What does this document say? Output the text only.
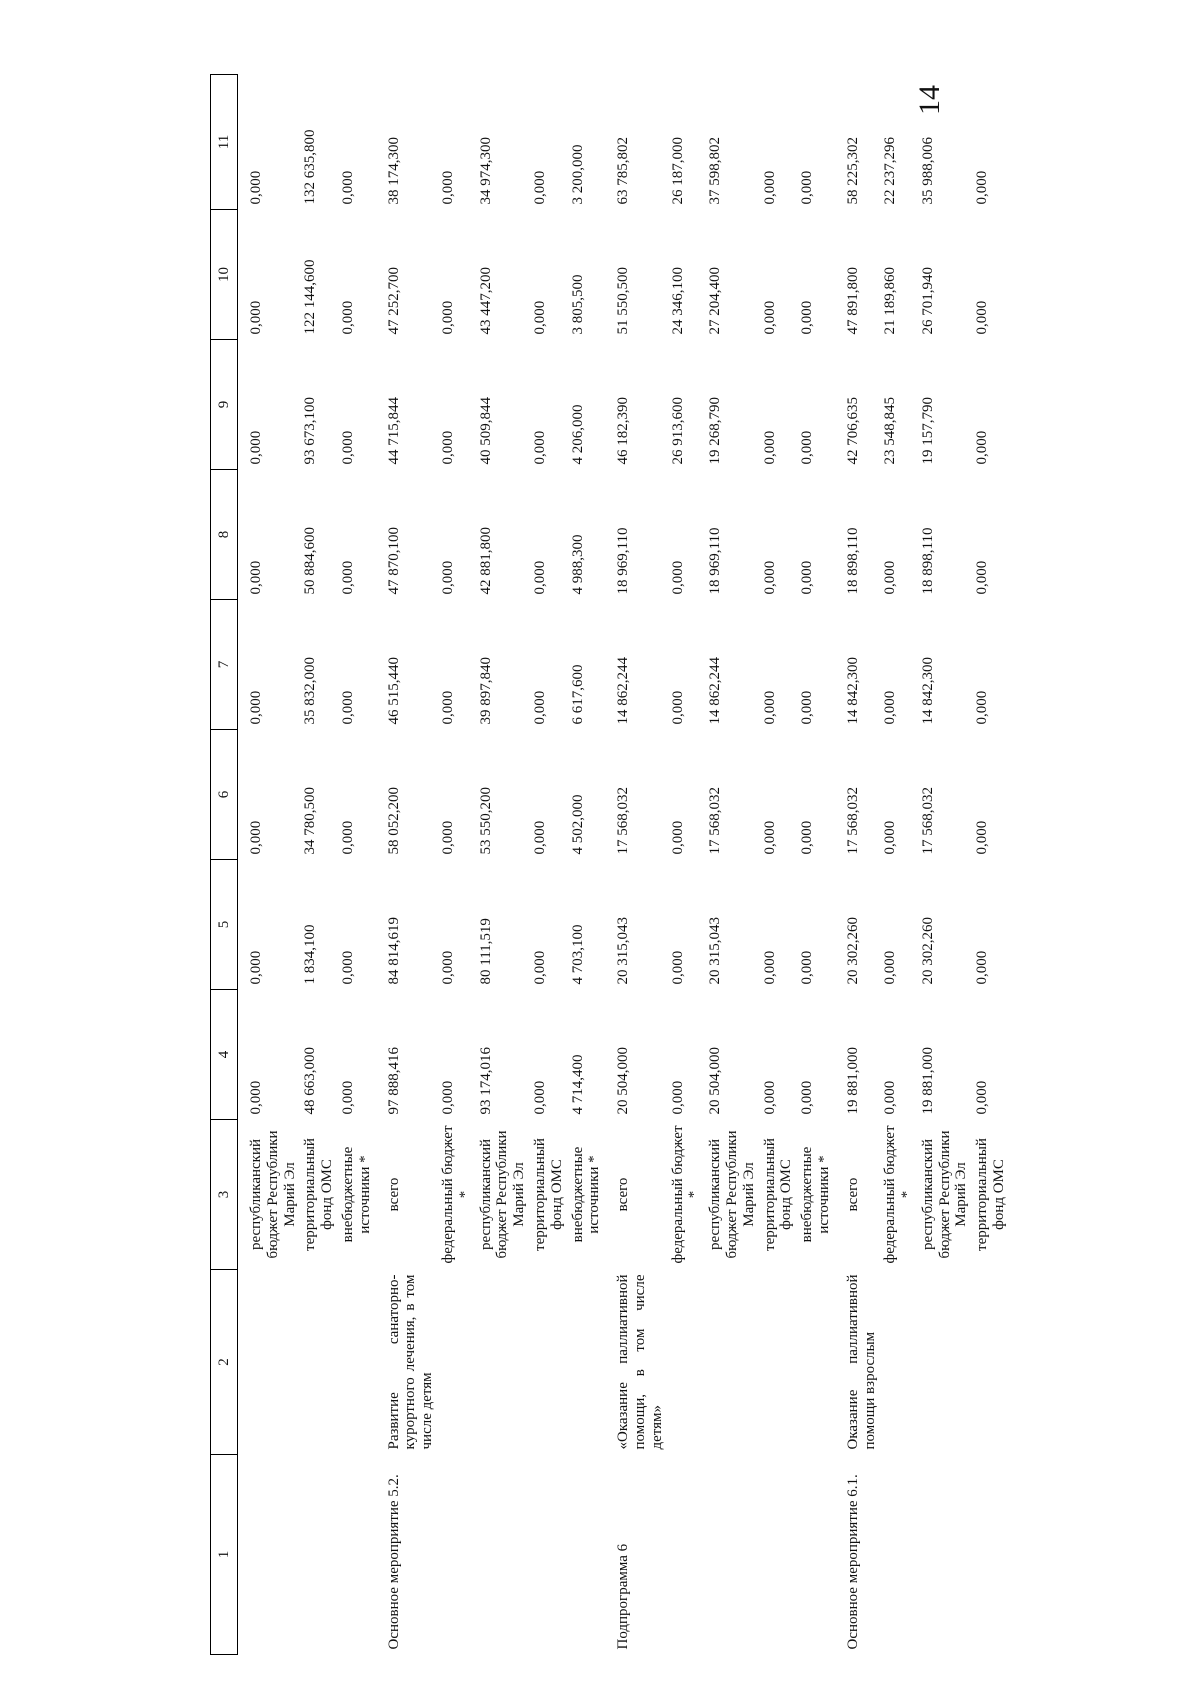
14
1	2	3	4	5	6	7	8	9	10	11
		республиканский бюджет Республики Марий Эл	0,000	0,000	0,000	0,000	0,000	0,000	0,000	0,000
		территориальный фонд ОМС	48 663,000	1 834,100	34 780,500	35 832,000	50 884,600	93 673,100	122 144,600	132 635,800
		внебюджетные источники *	0,000	0,000	0,000	0,000	0,000	0,000	0,000	0,000
Основное мероприятие 5.2.	Развитие санаторно-курортного лечения, в том числе детям	всего	97 888,416	84 814,619	58 052,200	46 515,440	47 870,100	44 715,844	47 252,700	38 174,300
		федеральный бюджет *	0,000	0,000	0,000	0,000	0,000	0,000	0,000	0,000
		республиканский бюджет Республики Марий Эл	93 174,016	80 111,519	53 550,200	39 897,840	42 881,800	40 509,844	43 447,200	34 974,300
		территориальный фонд ОМС	0,000	0,000	0,000	0,000	0,000	0,000	0,000	0,000
		внебюджетные источники *	4 714,400	4 703,100	4 502,000	6 617,600	4 988,300	4 206,000	3 805,500	3 200,000
Подпрограмма 6	«Оказание паллиативной помощи, в том числе детям»	всего	20 504,000	20 315,043	17 568,032	14 862,244	18 969,110	46 182,390	51 550,500	63 785,802
		федеральный бюджет *	0,000	0,000	0,000	0,000	0,000	26 913,600	24 346,100	26 187,000
		республиканский бюджет Республики Марий Эл	20 504,000	20 315,043	17 568,032	14 862,244	18 969,110	19 268,790	27 204,400	37 598,802
		территориальный фонд ОМС	0,000	0,000	0,000	0,000	0,000	0,000	0,000	0,000
		внебюджетные источники *	0,000	0,000	0,000	0,000	0,000	0,000	0,000	0,000
Основное мероприятие 6.1.	Оказание паллиативной помощи взрослым	всего	19 881,000	20 302,260	17 568,032	14 842,300	18 898,110	42 706,635	47 891,800	58 225,302
		федеральный бюджет *	0,000	0,000	0,000	0,000	0,000	23 548,845	21 189,860	22 237,296
		республиканский бюджет Республики Марий Эл	19 881,000	20 302,260	17 568,032	14 842,300	18 898,110	19 157,790	26 701,940	35 988,006
		территориальный фонд ОМС	0,000	0,000	0,000	0,000	0,000	0,000	0,000	0,000
